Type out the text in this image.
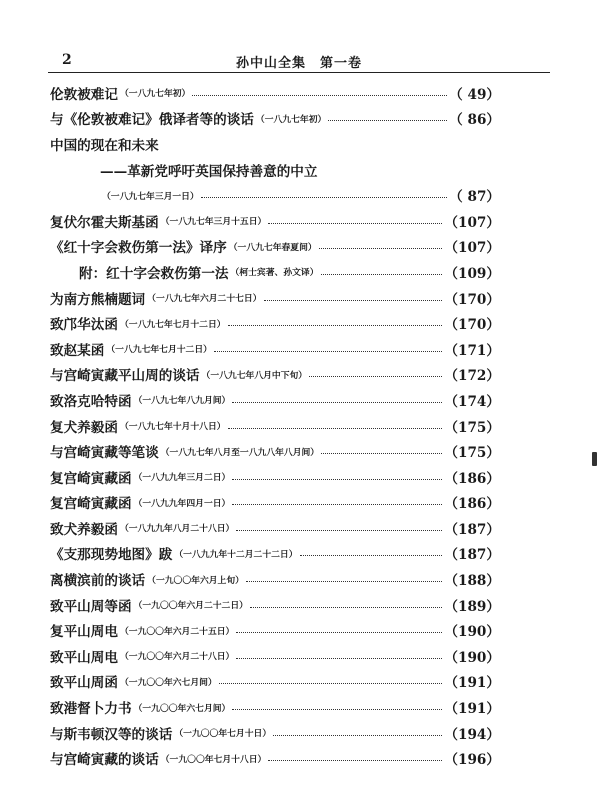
2	孙中山全集　第一卷
伦敦被难记 （一八九七年初）	（ 49）
与《伦敦被难记》俄译者等的谈话 （一八九七年初）	（ 86）
中国的现在和未来
——革新党呼吁英国保持善意的中立
（一八九七年三月一日）	（ 87）
复伏尔霍夫斯基函 （一八九七年三月十五日）	（107）
《红十字会救伤第一法》译序 （一八九七年春夏间）	（107）
附：红十字会救伤第一法 （柯士宾著、孙文译）	（109）
为南方熊楠题词 （一八九七年六月二十七日）	（170）
致邝华汰函 （一八九七年七月十二日）	（170）
致赵某函 （一八九七年七月十二日）	（171）
与宫崎寅藏平山周的谈话 （一八九七年八月中下旬）	（172）
致洛克哈特函 （一八九七年八九月间）	（174）
复犬养毅函 （一八九七年十月十八日）	（175）
与宫崎寅藏等笔谈 （一八九七年八月至一八九八年八月间）	（175）
复宫崎寅藏函 （一八九九年三月二日）	（186）
复宫崎寅藏函 （一八九九年四月一日）	（186）
致犬养毅函 （一八九九年八月二十八日）	（187）
《支那现势地图》跋 （一八九九年十二月二十二日）	（187）
离横滨前的谈话 （一九〇〇年六月上旬）	（188）
致平山周等函 （一九〇〇年六月二十二日）	（189）
复平山周电 （一九〇〇年六月二十五日）	（190）
致平山周电 （一九〇〇年六月二十八日）	（190）
致平山周函 （一九〇〇年六七月间）	（191）
致港督卜力书 （一九〇〇年六七月间）	（191）
与斯韦顿汉等的谈话 （一九〇〇年七月十日）	（194）
与宫崎寅藏的谈话 （一九〇〇年七月十八日）	（196）
